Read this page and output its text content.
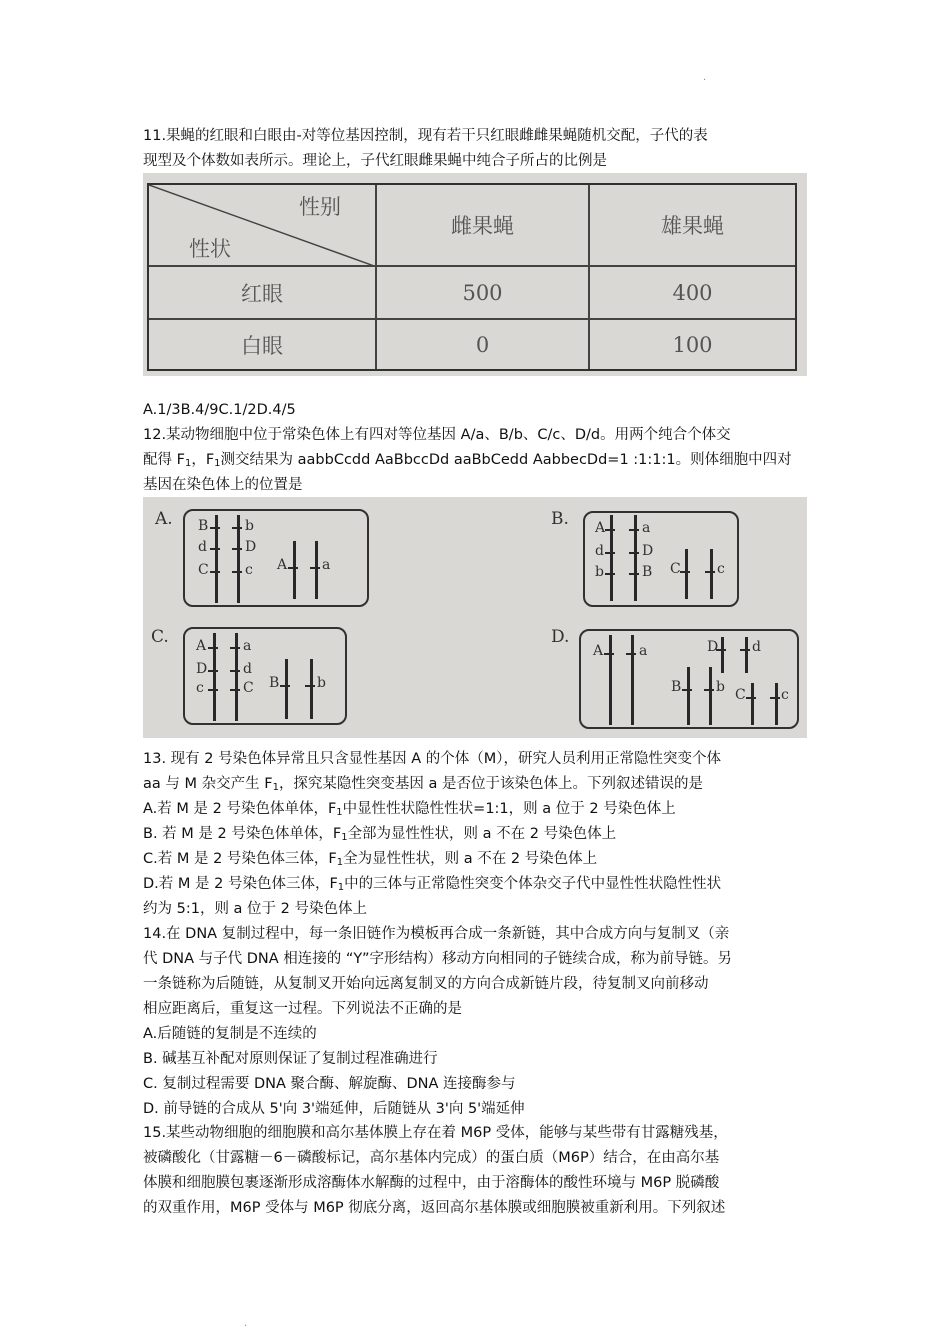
.
11.果蝇的红眼和白眼由-对等位基因控制，现有若干只红眼雌雌果蝇随机交配，子代的表
现型及个体数如表所示。理论上，子代红眼雌果蝇中纯合子所占的比例是
性别
性状
雌果蝇	雄果蝇
红眼	500	400
白眼	0	100
A.1/3B.4/9C.1/2D.4/5
12.某动物细胞中位于常染色体上有四对等位基因 A/a、B/b、C/c、D/d。用两个纯合个体交
配得 $F_1$，$F_1$测交结果为 aabbCcdd AaBbccDd aaBbCedd AabbecDd=1 :1:1:1。则体细胞中四对
基因在染色体上的位置是
A. B
d
C
b
D
c A a
B. A
d
b
a
D
B C	c
C. A
D
c
a
d
C B	b
D.
A	a	D d
B b C	c
13. 现有 2 号染色体异常且只含显性基因 A 的个体（M），研究人员利用正常隐性突变个体
aa 与 M 杂交产生 $F_1$，探究某隐性突变基因 a 是否位于该染色体上。下列叙述错误的是
A.若 M 是 2 号染色体单体，$F_1$中显性性状隐性性状=1:1，则 a 位于 2 号染色体上
B. 若 M 是 2 号染色体单体，$F_1$全部为显性性状，则 a 不在 2 号染色体上
C.若 M 是 2 号染色体三体，$F_1$全为显性性状，则 a 不在 2 号染色体上
D.若 M 是 2 号染色体三体，$F_1$中的三体与正常隐性突变个体杂交子代中显性性状隐性性状
约为 5:1，则 a 位于 2 号染色体上
14.在 DNA 复制过程中，每一条旧链作为模板再合成一条新链，其中合成方向与复制叉（亲
代 DNA 与子代 DNA 相连接的 “Y”字形结构）移动方向相同的子链续合成，称为前导链。另
一条链称为后随链，从复制叉开始向远离复制叉的方向合成新链片段，待复制叉向前移动
相应距离后，重复这一过程。下列说法不正确的是
A.后随链的复制是不连续的
B. 碱基互补配对原则保证了复制过程准确进行
C. 复制过程需要 DNA 聚合酶、解旋酶、DNA 连接酶参与
D. 前导链的合成从 5'向 3'端延伸，后随链从 3'向 5'端延伸
15.某些动物细胞的细胞膜和高尔基体膜上存在着 M6P 受体，能够与某些带有甘露糖残基，
被磷酸化（甘露糖－6－磷酸标记，高尔基体内完成）的蛋白质（M6P）结合，在由高尔基
体膜和细胞膜包裹逐渐形成溶酶体水解酶的过程中，由于溶酶体的酸性环境与 M6P 脱磷酸
的双重作用，M6P 受体与 M6P 彻底分离，返回高尔基体膜或细胞膜被重新利用。下列叙述
.
